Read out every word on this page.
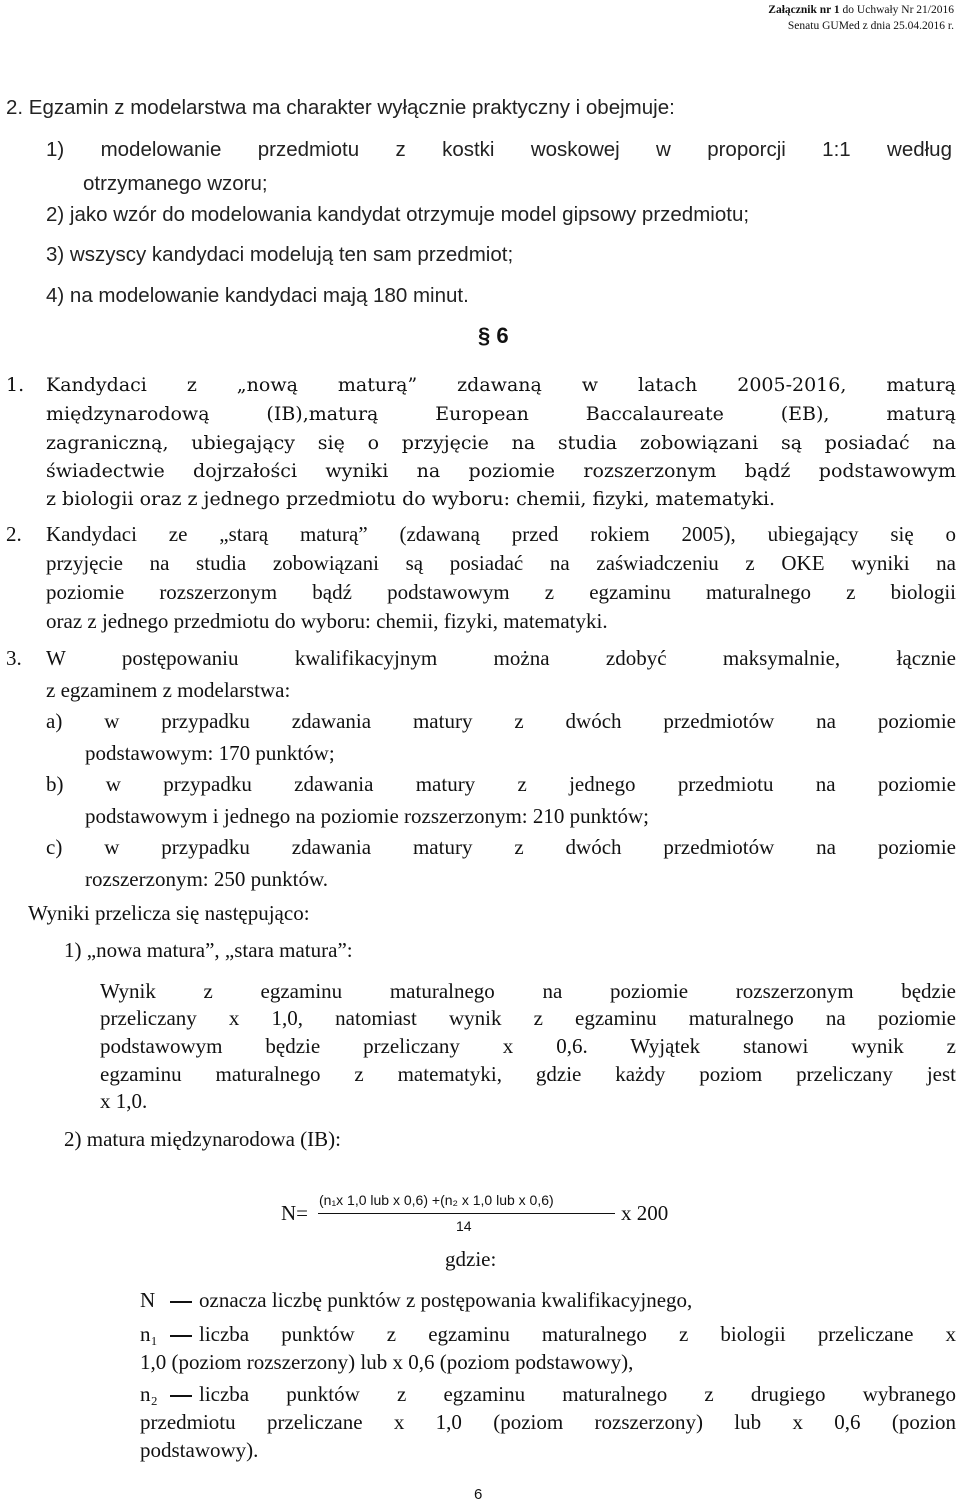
Załącznik nr 1 do Uchwały Nr 21/2016
Senatu GUMed z dnia 25.04.2016 r.
2. Egzamin z modelarstwa ma charakter wyłącznie praktyczny i obejmuje:
1) modelowanie przedmiotu z kostki woskowej w proporcji 1:1 według
otrzymanego wzoru;
2) jako wzór do modelowania kandydat otrzymuje model gipsowy przedmiotu;
3) wszyscy kandydaci modelują ten sam przedmiot;
4) na modelowanie kandydaci mają 180 minut.
§ 6
1. Kandydaci z „nową maturą” zdawaną w latach 2005-2016, maturą
międzynarodową (IB),maturą European Baccalaureate (EB), maturą
zagraniczną, ubiegający się o przyjęcie na studia zobowiązani są posiadać na
świadectwie dojrzałości wyniki na poziomie rozszerzonym bądź podstawowym
z biologii oraz z jednego przedmiotu do wyboru: chemii, fizyki, matematyki.
2. Kandydaci ze „starą maturą” (zdawaną przed rokiem 2005), ubiegający się o
przyjęcie na studia zobowiązani są posiadać na zaświadczeniu z OKE wyniki na
poziomie rozszerzonym bądź podstawowym z egzaminu maturalnego z biologii
oraz z jednego przedmiotu do wyboru: chemii, fizyki, matematyki.
3. W postępowaniu kwalifikacyjnym można zdobyć maksymalnie, łącznie
z egzaminem z modelarstwa:
a) w przypadku zdawania matury z dwóch przedmiotów na poziomie
podstawowym: 170 punktów;
b) w przypadku zdawania matury z jednego przedmiotu na poziomie
podstawowym i jednego na poziomie rozszerzonym: 210 punktów;
c) w przypadku zdawania matury z dwóch przedmiotów na poziomie
rozszerzonym: 250 punktów.
Wyniki przelicza się następująco:
1) „nowa matura”, „stara matura”:
Wynik z egzaminu maturalnego na poziomie rozszerzonym będzie
przeliczany x 1,0, natomiast wynik z egzaminu maturalnego na poziomie
podstawowym będzie przeliczany x 0,6. Wyjątek stanowi wynik z
egzaminu maturalnego z matematyki, gdzie każdy poziom przeliczany jest
x 1,0.
2) matura międzynarodowa (IB):
N=
(n₁x 1,0 lub x 0,6) +(n₂ x 1,0 lub x 0,6)
14
x 200
gdzie:
N oznacza liczbę punktów z postępowania kwalifikacyjnego,
n₁ liczba punktów z egzaminu maturalnego z biologii przeliczane x
1,0 (poziom rozszerzony) lub x 0,6 (poziom podstawowy),
n₂ liczba punktów z egzaminu maturalnego z drugiego wybranego
przedmiotu przeliczane x 1,0 (poziom rozszerzony) lub x 0,6 (pozion
podstawowy).
6
